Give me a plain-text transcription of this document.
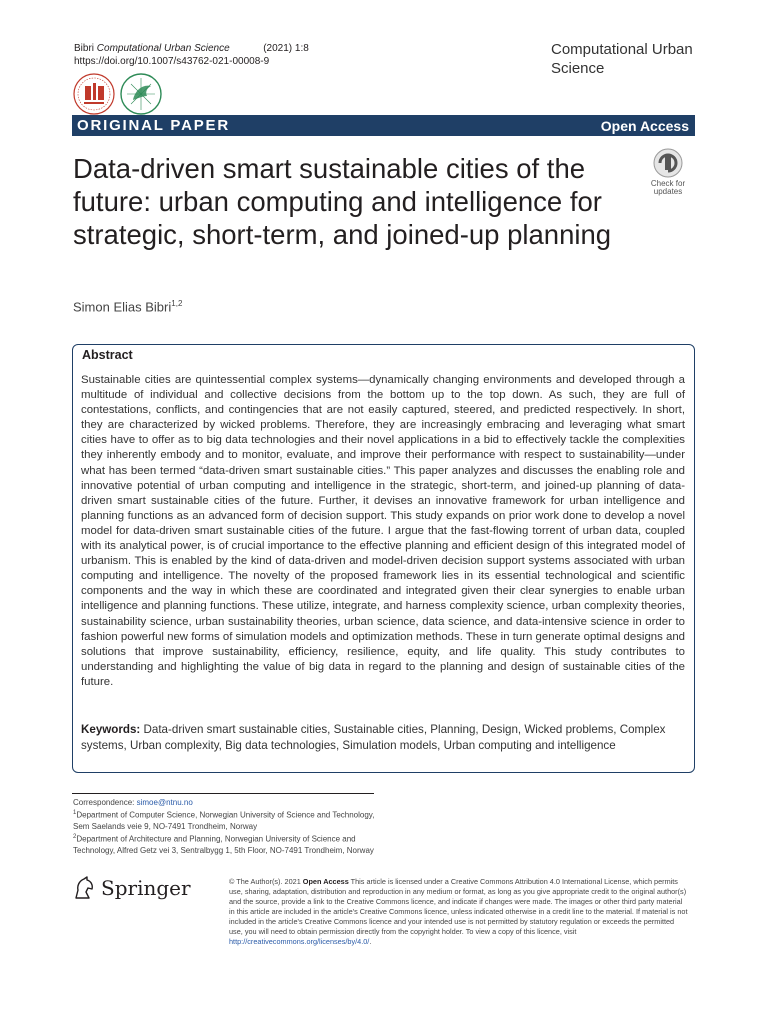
Bibri Computational Urban Science	(2021) 1:8
https://doi.org/10.1007/s43762-021-00008-9
Computational Urban Science
ORIGINAL PAPER	Open Access
Data-driven smart sustainable cities of the future: urban computing and intelligence for strategic, short-term, and joined-up planning
Check for
updates
Simon Elias Bibri$^{1,2}$
Abstract

Sustainable cities are quintessential complex systems—dynamically changing environments and developed through a multitude of individual and collective decisions from the bottom up to the top down. As such, they are full of contestations, conflicts, and contingencies that are not easily captured, steered, and predicted respectively. In short, they are characterized by wicked problems. Therefore, they are increasingly embracing and leveraging what smart cities have to offer as to big data technologies and their novel applications in a bid to effectively tackle the complexities they inherently embody and to monitor, evaluate, and improve their performance with respect to sustainability—under what has been termed “data-driven smart sustainable cities.” This paper analyzes and discusses the enabling role and innovative potential of urban computing and intelligence in the strategic, short-term, and joined-up planning of data-driven smart sustainable cities of the future. Further, it devises an innovative framework for urban intelligence and planning functions as an advanced form of decision support. This study expands on prior work done to develop a novel model for data-driven smart sustainable cities of the future. I argue that the fast-flowing torrent of urban data, coupled with its analytical power, is of crucial importance to the effective planning and efficient design of this integrated model of urbanism. This is enabled by the kind of data-driven and model-driven decision support systems associated with urban computing and intelligence. The novelty of the proposed framework lies in its essential technological and scientific components and the way in which these are coordinated and integrated given their clear synergies to enable urban intelligence and planning functions. These utilize, integrate, and harness complexity science, urban complexity theories, sustainability science, urban sustainability theories, urban science, data science, and data-intensive science in order to fashion powerful new forms of simulation models and optimization methods. These in turn generate optimal designs and solutions that improve sustainability, efficiency, resilience, equity, and life quality. This study contributes to understanding and highlighting the value of big data in regard to the planning and design of sustainable cities of the future.

Keywords: Data-driven smart sustainable cities, Sustainable cities, Planning, Design, Wicked problems, Complex systems, Urban complexity, Big data technologies, Simulation models, Urban computing and intelligence

Correspondence: simoe@ntnu.no
$^1$Department of Computer Science, Norwegian University of Science and Technology, Sem Saelands veie 9, NO-7491 Trondheim, Norway
$^2$Department of Architecture and Planning, Norwegian University of Science and Technology, Alfred Getz vei 3, Sentralbygg 1, 5th Floor, NO-7491 Trondheim, Norway
Springer	© The Author(s). 2021 Open Access This article is licensed under a Creative Commons Attribution 4.0 International License, which permits use, sharing, adaptation, distribution and reproduction in any medium or format, as long as you give appropriate credit to the original author(s) and the source, provide a link to the Creative Commons licence, and indicate if changes were made. The images or other third party material in this article are included in the article's Creative Commons licence, unless indicated otherwise in a credit line to the material. If material is not included in the article's Creative Commons licence and your intended use is not permitted by statutory regulation or exceeds the permitted use, you will need to obtain permission directly from the copyright holder. To view a copy of this licence, visit http://creativecommons.org/licenses/by/4.0/.
